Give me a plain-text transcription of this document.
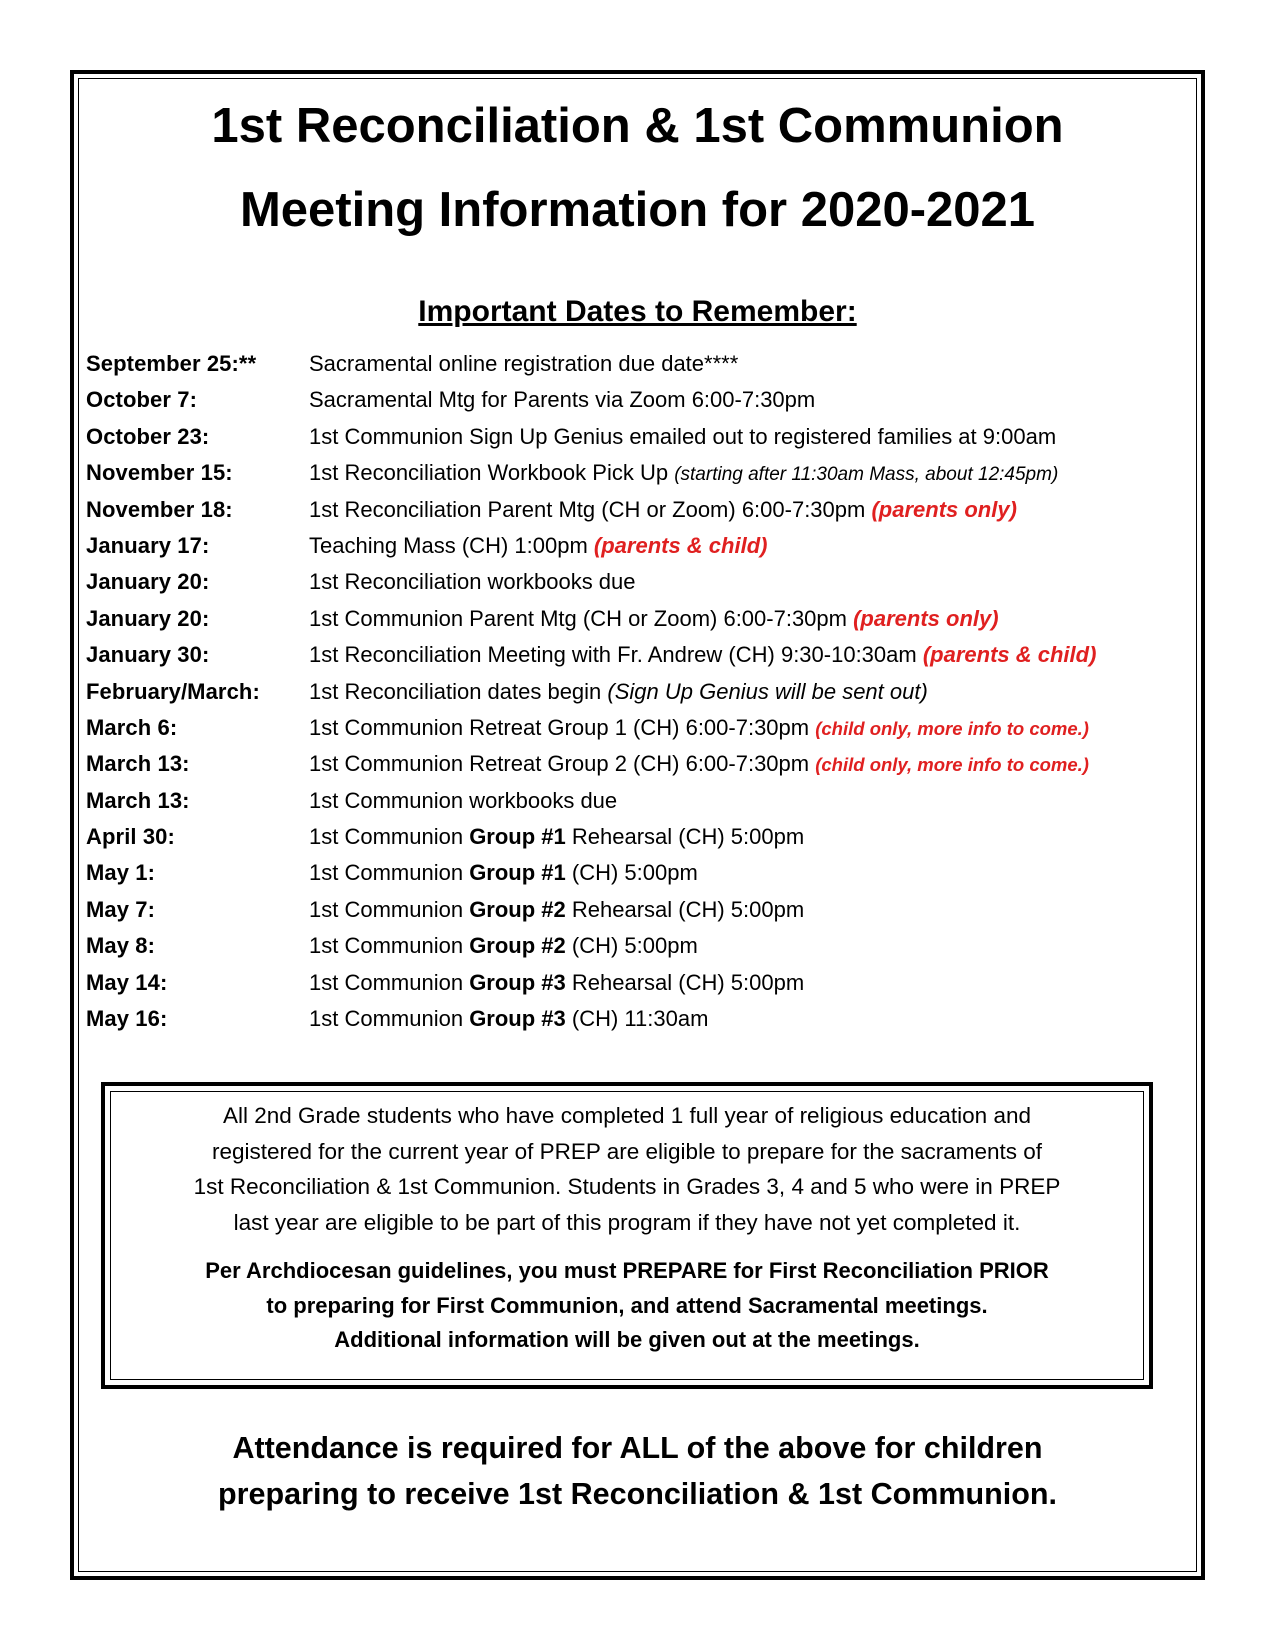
1st Reconciliation & 1st Communion
Meeting Information for 2020-2021
Important Dates to Remember:
September 25:** Sacramental online registration due date****
October 7:	Sacramental Mtg for Parents via Zoom 6:00-7:30pm
October 23:	1st Communion Sign Up Genius emailed out to registered families at 9:00am
November 15:	1st Reconciliation Workbook Pick Up (starting after 11:30am Mass, about 12:45pm)
November 18:	1st Reconciliation Parent Mtg (CH or Zoom) 6:00-7:30pm (parents only)
January 17:	Teaching Mass (CH) 1:00pm (parents & child)
January 20:	1st Reconciliation workbooks due
January 20:	1st Communion Parent Mtg (CH or Zoom) 6:00-7:30pm (parents only)
January 30:	1st Reconciliation Meeting with Fr. Andrew (CH) 9:30-10:30am (parents & child)
February/March: 1st Reconciliation dates begin (Sign Up Genius will be sent out)
March 6:	1st Communion Retreat Group 1 (CH) 6:00-7:30pm (child only, more info to come.)
March 13:	1st Communion Retreat Group 2 (CH) 6:00-7:30pm (child only, more info to come.)
March 13:	1st Communion workbooks due
April 30:	1st Communion Group #1 Rehearsal (CH) 5:00pm
May 1:	1st Communion Group #1 (CH) 5:00pm
May 7:	1st Communion Group #2 Rehearsal (CH) 5:00pm
May 8:	1st Communion Group #2 (CH) 5:00pm
May 14:	1st Communion Group #3 Rehearsal (CH) 5:00pm
May 16:	1st Communion Group #3 (CH) 11:30am
All 2nd Grade students who have completed 1 full year of religious education and
registered for the current year of PREP are eligible to prepare for the sacraments of
1st Reconciliation & 1st Communion. Students in Grades 3, 4 and 5 who were in PREP
last year are eligible to be part of this program if they have not yet completed it.
Per Archdiocesan guidelines, you must PREPARE for First Reconciliation PRIOR
to preparing for First Communion, and attend Sacramental meetings.
Additional information will be given out at the meetings.
Attendance is required for ALL of the above for children
preparing to receive 1st Reconciliation & 1st Communion.
